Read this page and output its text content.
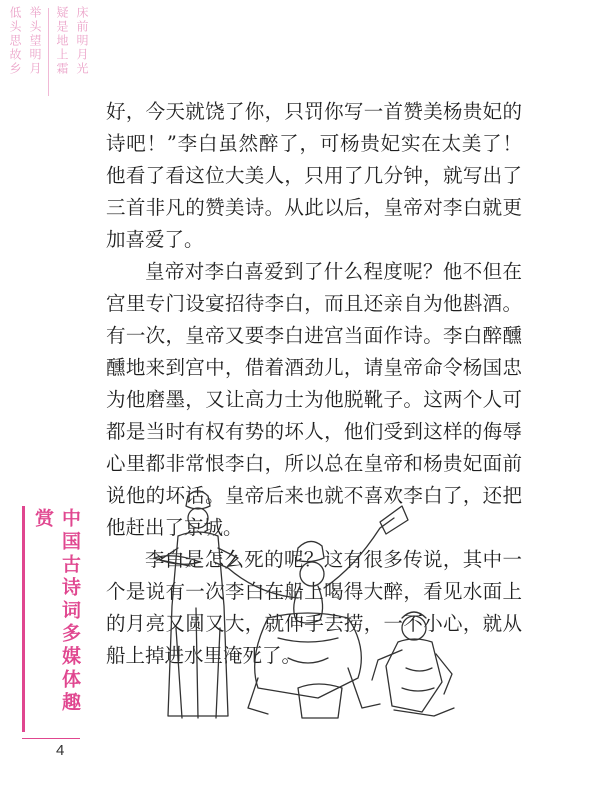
床前明月光
疑是地上霜
举头望明月
低头思故乡

好，今天就饶了你，只罚你写一首赞美杨贵妃的诗吧！”李白虽然醉了，可杨贵妃实在太美了！他看了看这位大美人，只用了几分钟，就写出了三首非凡的赞美诗。从此以后，皇帝对李白就更加喜爱了。

皇帝对李白喜爱到了什么程度呢？他不但在宫里专门设宴招待李白，而且还亲自为他斟酒。有一次，皇帝又要李白进宫当面作诗。李白醉醺醺地来到宫中，借着酒劲儿，请皇帝命令杨国忠为他磨墨，又让高力士为他脱靴子。这两个人可都是当时有权有势的坏人，他们受到这样的侮辱心里都非常恨李白，所以总在皇帝和杨贵妃面前说他的坏话。皇帝后来也就不喜欢李白了，还把他赶出了京城。

李白是怎么死的呢？这有很多传说，其中一个是说有一次李白在船上喝得大醉，看见水面上的月亮又圆又大，就伸手去捞，一不小心，就从船上掉进水里淹死了。

中国古诗词多媒体趣赏
4
